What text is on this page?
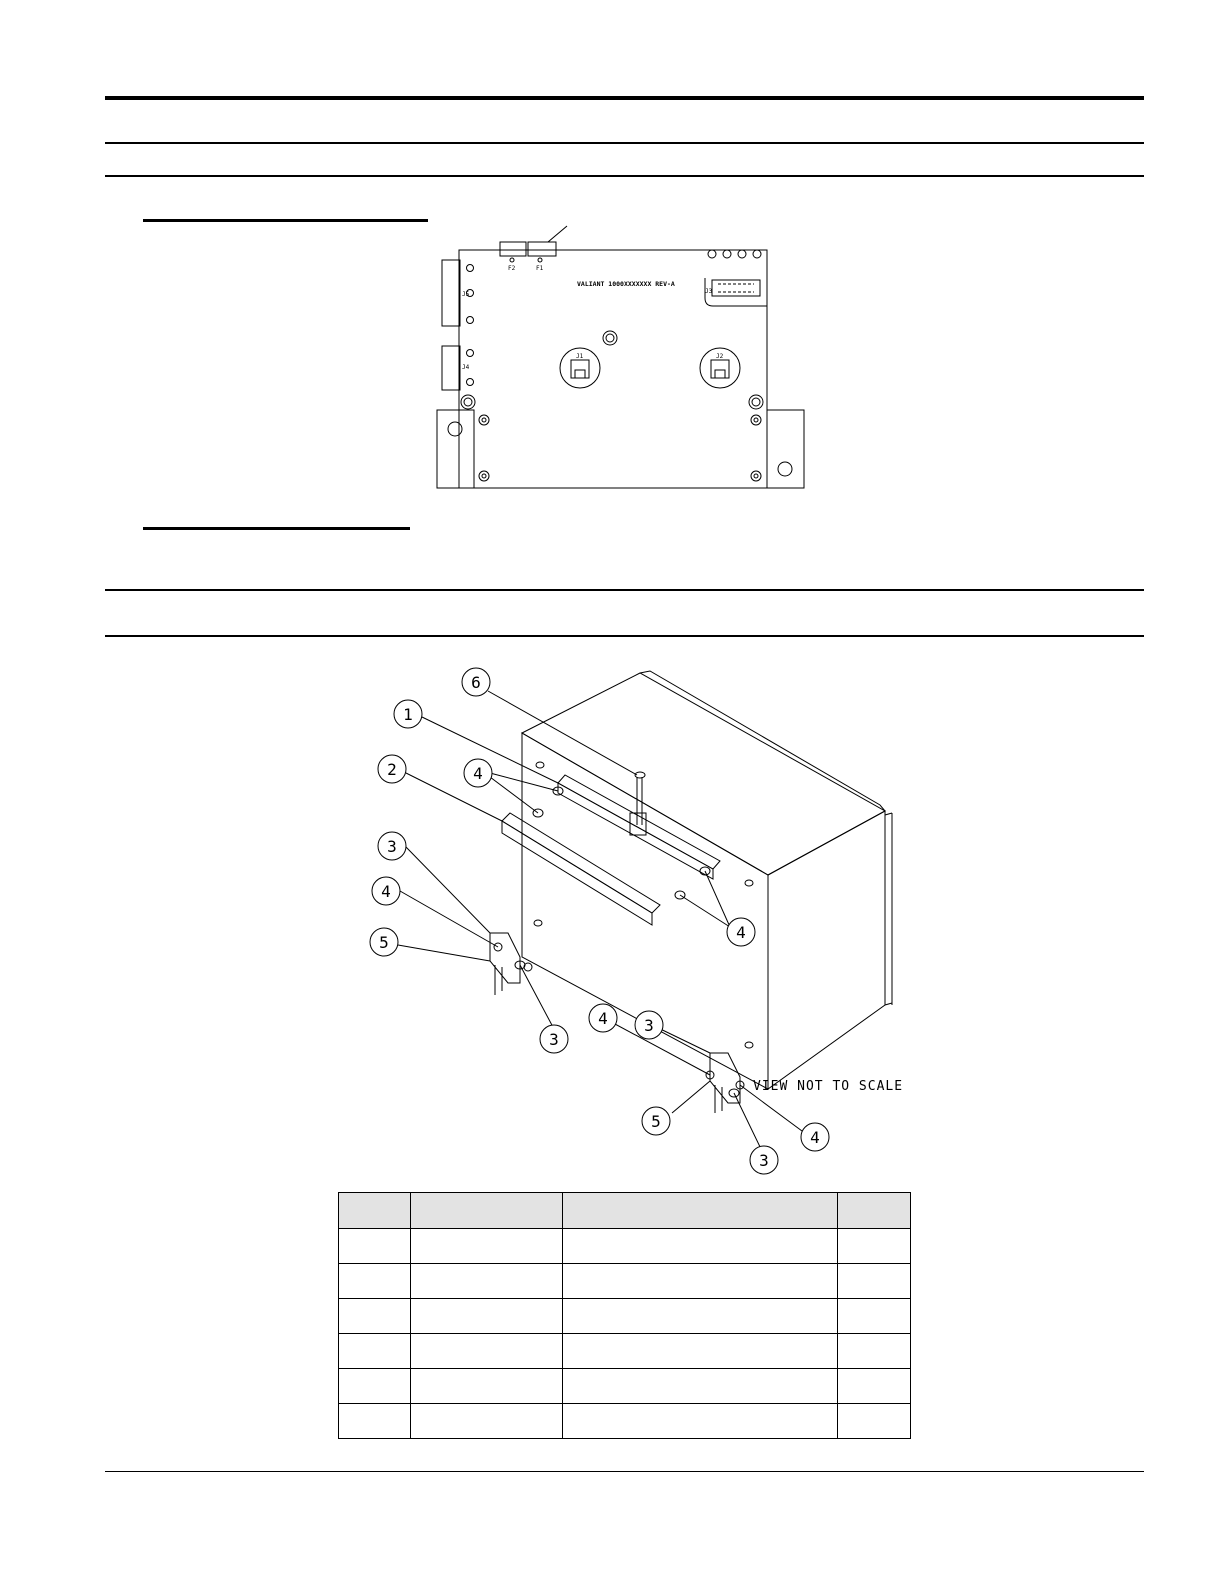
F2	F1
VALIANT 1000XXXXXXX REV-A
J5
J4
J1	J2
J3
6
1
2	4
3
4
4
5
3
4 3
5
4
3
VIEW NOT TO SCALE
